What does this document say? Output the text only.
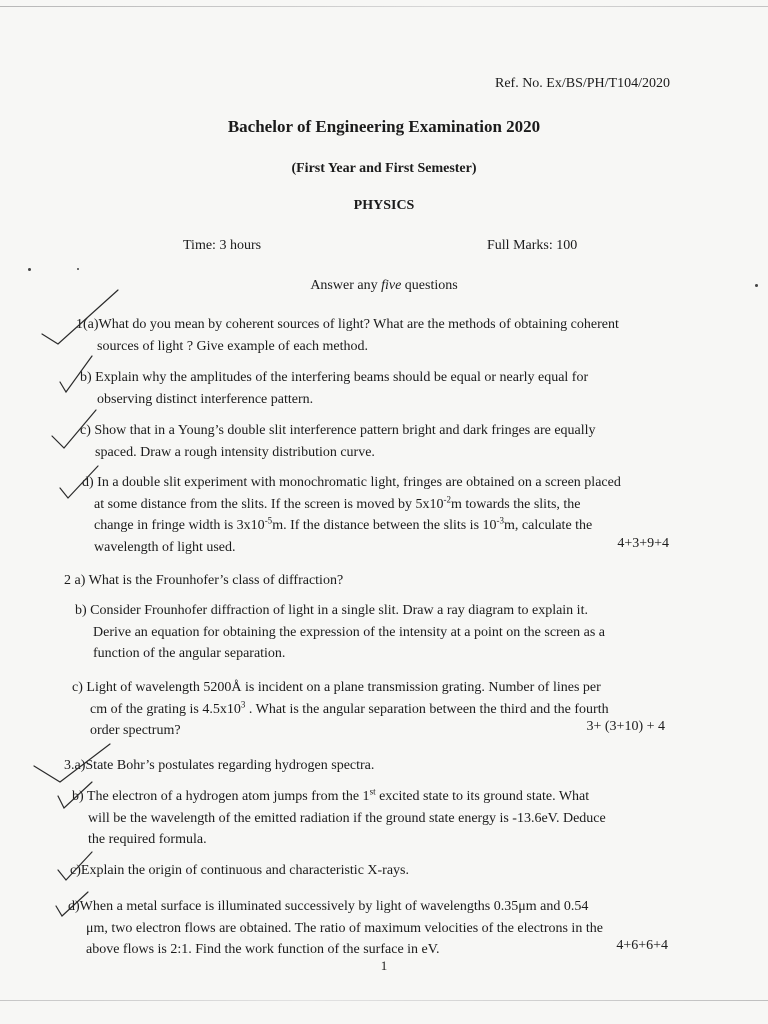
Ref. No. Ex/BS/PH/T104/2020
Bachelor of Engineering Examination 2020
(First Year and First Semester)
PHYSICS
Time: 3 hours	Full Marks: 100
Answer any five questions
1(a)What do you mean by coherent sources of light? What are the methods of obtaining coherent
sources of light ? Give example of each method.
b) Explain why the amplitudes of the interfering beams should be equal or nearly equal for
observing distinct interference pattern.
c) Show that in a Young’s double slit interference pattern bright and dark fringes are equally
spaced. Draw a rough intensity distribution curve.
d) In a double slit experiment with monochromatic light, fringes are obtained on a screen placed
at some distance from the slits. If the screen is moved by $5x10^{-2}m$ towards the slits, the
change in fringe width is $3x10^{-5}m$. If the distance between the slits is $10^{-3}m$, calculate the
wavelength of light used.	4+3+9+4
2 a) What is the Frounhofer’s class of diffraction?
b) Consider Frounhofer diffraction of light in a single slit. Draw a ray diagram to explain it.
Derive an equation for obtaining the expression of the intensity at a point on the screen as a
function of the angular separation.
c) Light of wavelength 5200Å is incident on a plane transmission grating. Number of lines per
cm of the grating is $4.5x10^3$ . What is the angular separation between the third and the fourth
order spectrum?	3+ (3+10) + 4
3.a)State Bohr’s postulates regarding hydrogen spectra.
b) The electron of a hydrogen atom jumps from the 1st excited state to its ground state. What
will be the wavelength of the emitted radiation if the ground state energy is -13.6eV. Deduce
the required formula.
c)Explain the origin of continuous and characteristic X-rays.
d)When a metal surface is illuminated successively by light of wavelengths 0.35μm and 0.54
μm, two electron flows are obtained. The ratio of maximum velocities of the electrons in the
above flows is 2:1. Find the work function of the surface in eV.	4+6+6+4
1
